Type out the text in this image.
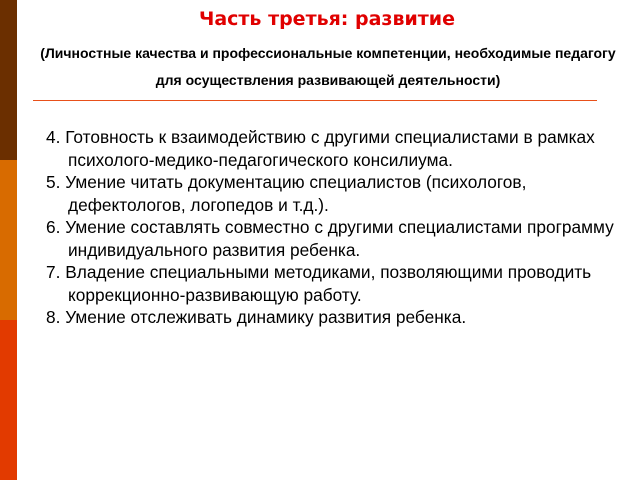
Часть третья: развитие
(Личностные качества и профессиональные компетенции, необходимые педагогу для осуществления развивающей деятельности)
4. Готовность к взаимодействию с другими специалистами в рамках психолого-медико-педагогического консилиума.
5. Умение читать документацию специалистов (психологов, дефектологов, логопедов и т.д.).
6. Умение составлять совместно с другими специалистами программу индивидуального развития ребенка.
7. Владение специальными методиками, позволяющими проводить коррекционно-развивающую работу.
8. Умение отслеживать динамику развития ребенка.
